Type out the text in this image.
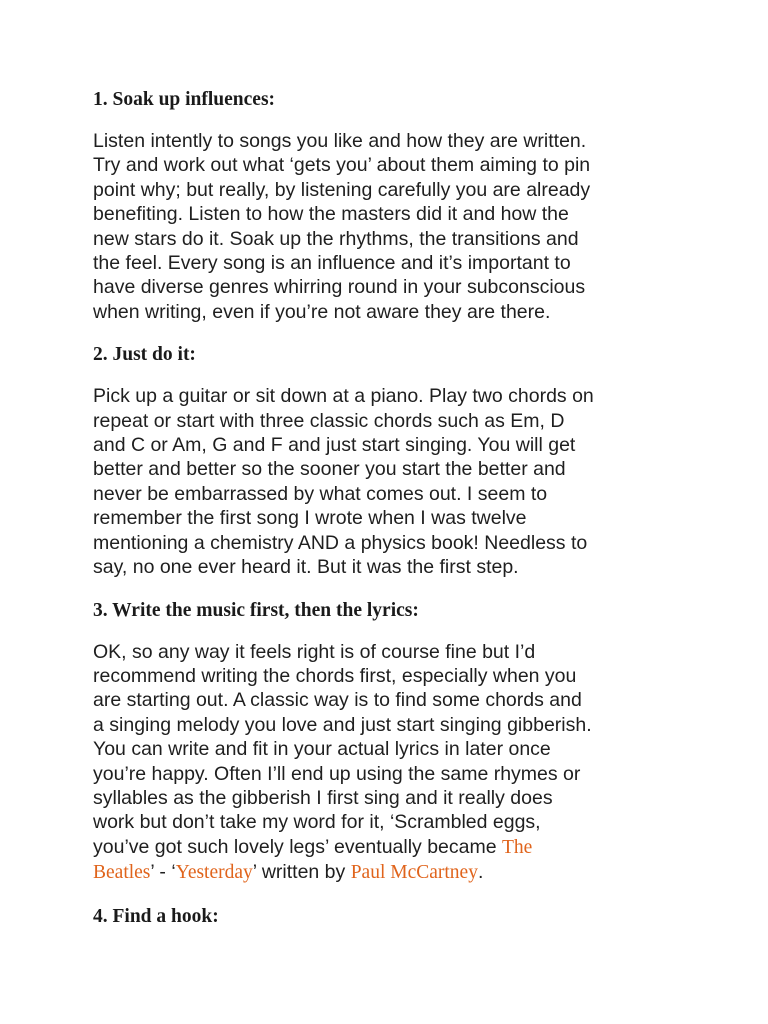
1. Soak up influences:

Listen intently to songs you like and how they are written.
Try and work out what ‘gets you’ about them aiming to pin
point why; but really, by listening carefully you are already
benefiting. Listen to how the masters did it and how the
new stars do it. Soak up the rhythms, the transitions and
the feel. Every song is an influence and it’s important to
have diverse genres whirring round in your subconscious
when writing, even if you’re not aware they are there.

2. Just do it:

Pick up a guitar or sit down at a piano. Play two chords on
repeat or start with three classic chords such as Em, D
and C or Am, G and F and just start singing. You will get
better and better so the sooner you start the better and
never be embarrassed by what comes out. I seem to
remember the first song I wrote when I was twelve
mentioning a chemistry AND a physics book! Needless to
say, no one ever heard it. But it was the first step.

3. Write the music first, then the lyrics:

OK, so any way it feels right is of course fine but I’d
recommend writing the chords first, especially when you
are starting out. A classic way is to find some chords and
a singing melody you love and just start singing gibberish.
You can write and fit in your actual lyrics in later once
you’re happy. Often I’ll end up using the same rhymes or
syllables as the gibberish I first sing and it really does
work but don’t take my word for it, ‘Scrambled eggs,
you’ve got such lovely legs’ eventually became The
Beatles’ - ‘Yesterday’ written by Paul McCartney.

4. Find a hook:
